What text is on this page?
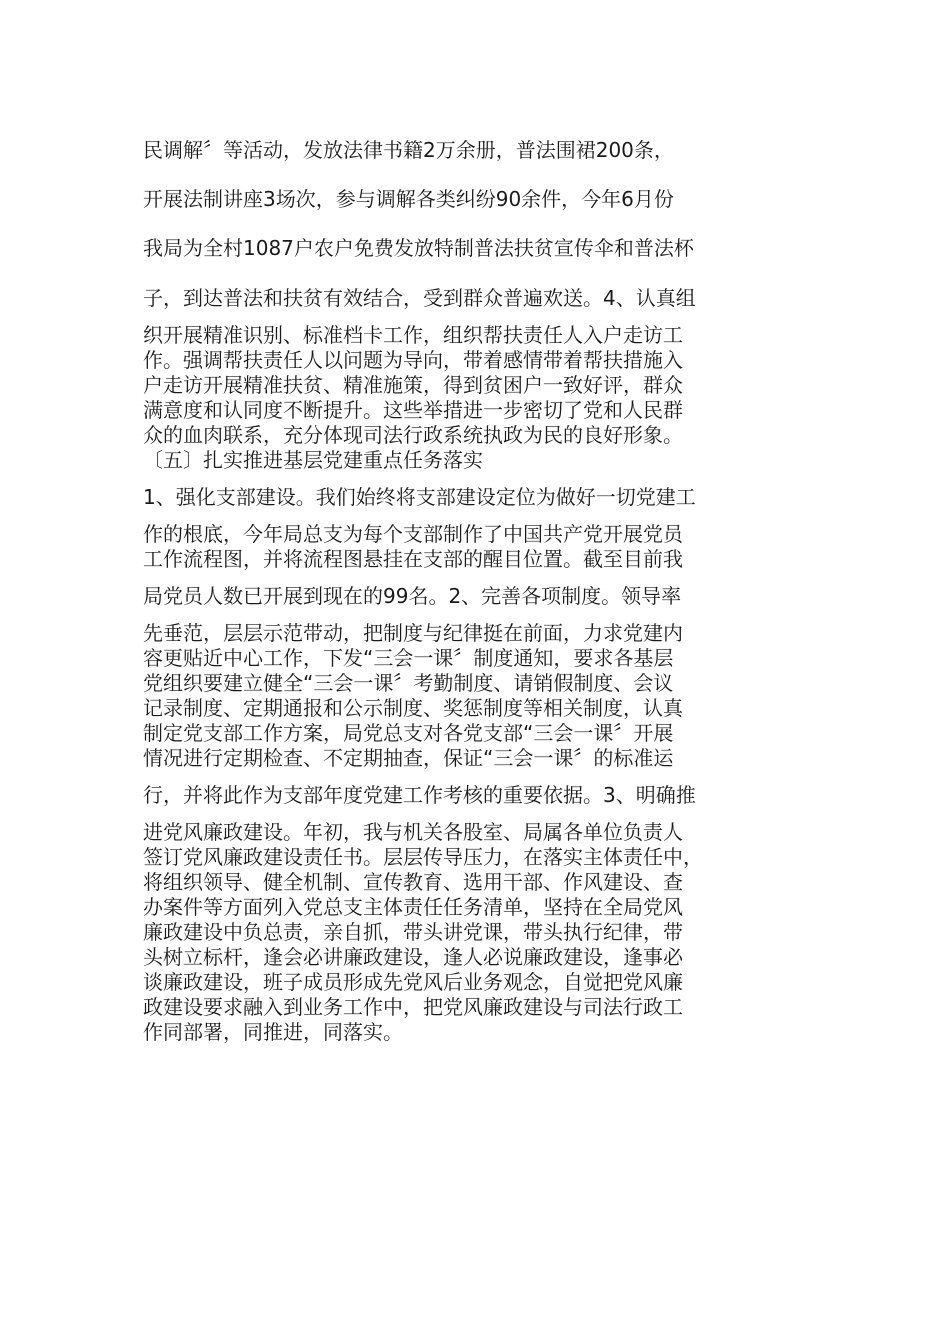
民调解〞等活动，发放法律书籍2万余册，普法围裙200条，
开展法制讲座3场次，参与调解各类纠纷90余件，今年6月份
我局为全村1087户农户免费发放特制普法扶贫宣传伞和普法杯
子，到达普法和扶贫有效结合，受到群众普遍欢送。4、认真组
织开展精准识别、标准档卡工作，组织帮扶责任人入户走访工
作。强调帮扶责任人以问题为导向，带着感情带着帮扶措施入
户走访开展精准扶贫、精准施策，得到贫困户一致好评，群众
满意度和认同度不断提升。这些举措进一步密切了党和人民群
众的血肉联系，充分体现司法行政系统执政为民的良好形象。
〔五〕扎实推进基层党建重点任务落实
1、强化支部建设。我们始终将支部建设定位为做好一切党建工
作的根底，今年局总支为每个支部制作了中国共产党开展党员
工作流程图，并将流程图悬挂在支部的醒目位置。截至目前我
局党员人数已开展到现在的99名。2、完善各项制度。领导率
先垂范，层层示范带动，把制度与纪律挺在前面，力求党建内
容更贴近中心工作，下发“三会一课〞制度通知，要求各基层
党组织要建立健全“三会一课〞考勤制度、请销假制度、会议
记录制度、定期通报和公示制度、奖惩制度等相关制度，认真
制定党支部工作方案，局党总支对各党支部“三会一课〞开展
情况进行定期检查、不定期抽查，保证“三会一课〞的标准运
行，并将此作为支部年度党建工作考核的重要依据。3、明确推
进党风廉政建设。年初，我与机关各股室、局属各单位负责人
签订党风廉政建设责任书。层层传导压力，在落实主体责任中，
将组织领导、健全机制、宣传教育、选用干部、作风建设、查
办案件等方面列入党总支主体责任任务清单，坚持在全局党风
廉政建设中负总责，亲自抓，带头讲党课，带头执行纪律，带
头树立标杆，逢会必讲廉政建设，逢人必说廉政建设，逢事必
谈廉政建设，班子成员形成先党风后业务观念，自觉把党风廉
政建设要求融入到业务工作中，把党风廉政建设与司法行政工
作同部署，同推进，同落实。
